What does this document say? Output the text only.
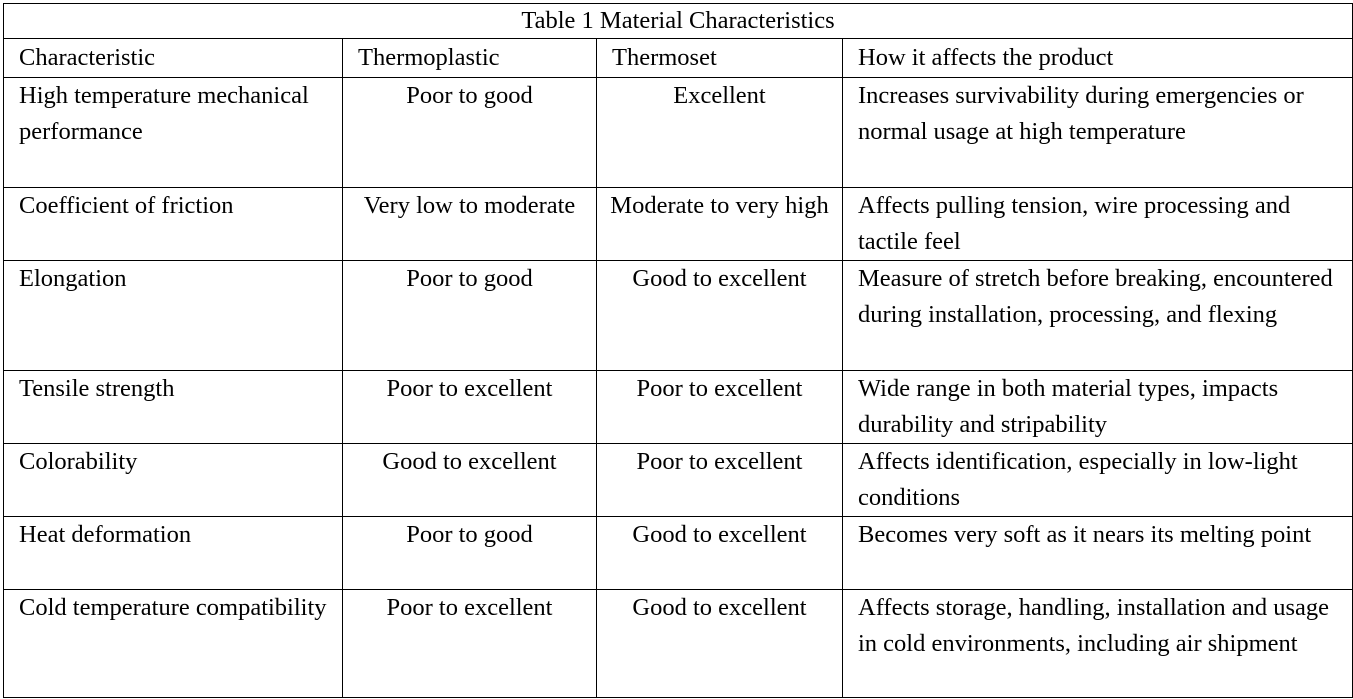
Table 1 Material Characteristics			
Characteristic	Thermoplastic	Thermoset	How it affects the product
High temperature mechanical performance	Poor to good	Excellent	Increases survivability during emergencies or normal usage at high temperature
Coefficient of friction	Very low to moderate	Moderate to very high	Affects pulling tension, wire processing and tactile feel
Elongation	Poor to good	Good to excellent	Measure of stretch before breaking, encountered during installation, processing, and flexing
Tensile strength	Poor to excellent	Poor to excellent	Wide range in both material types, impacts durability and stripability
Colorability	Good to excellent	Poor to excellent	Affects identification, especially in low-light conditions
Heat deformation	Poor to good	Good to excellent	Becomes very soft as it nears its melting point
Cold temperature compatibility	Poor to excellent	Good to excellent	Affects storage, handling, installation and usage in cold environments, including air shipment
